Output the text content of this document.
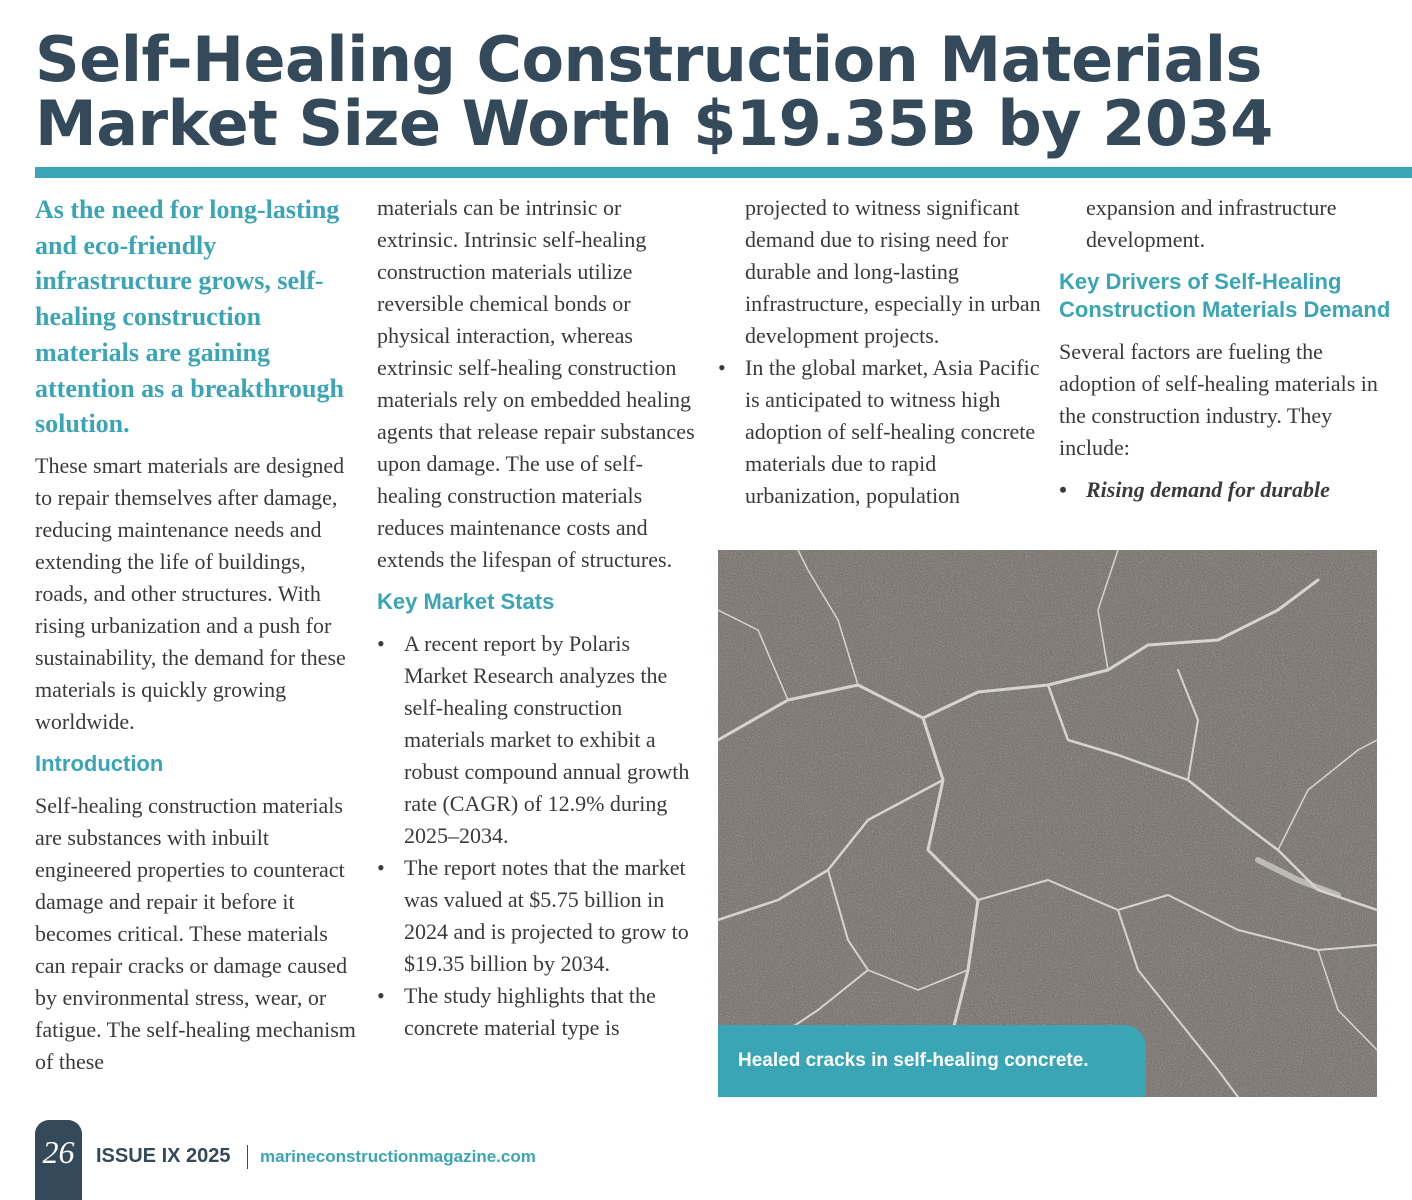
Self-Healing Construction Materials Market Size Worth $19.35B by 2034

As the need for long-lasting and eco-friendly infrastructure grows, self-healing construction materials are gaining attention as a breakthrough solution.

These smart materials are designed to repair themselves after damage, reducing maintenance needs and extending the life of buildings, roads, and other structures. With rising urbanization and a push for sustainability, the demand for these materials is quickly growing worldwide.

Introduction

Self-healing construction materials are substances with inbuilt engineered properties to counteract damage and repair it before it becomes critical. These materials can repair cracks or damage caused by environmental stress, wear, or fatigue. The self-healing mechanism of these

materials can be intrinsic or extrinsic. Intrinsic self-healing construction materials utilize reversible chemical bonds or physical interaction, whereas extrinsic self-healing construction materials rely on embedded healing agents that release repair substances upon damage. The use of self-healing construction materials reduces maintenance costs and extends the lifespan of structures.

Key Market Stats
• A recent report by Polaris Market Research analyzes the self-healing construction materials market to exhibit a robust compound annual growth rate (CAGR) of 12.9% during 2025–2034.
• The report notes that the market was valued at $5.75 billion in 2024 and is projected to grow to $19.35 billion by 2034.
• The study highlights that the concrete material type is

projected to witness significant demand due to rising need for durable and long-lasting infrastructure, especially in urban development projects.

• In the global market, Asia Pacific is anticipated to witness high adoption of self-healing concrete materials due to rapid urbanization, population

expansion and infrastructure development.

Key Drivers of Self-Healing Construction Materials Demand

Several factors are fueling the adoption of self-healing materials in the construction industry. They include:

• Rising demand for durable
Healed cracks in self-healing concrete.
26	ISSUE IX 2025 marineconstructionmagazine.com
